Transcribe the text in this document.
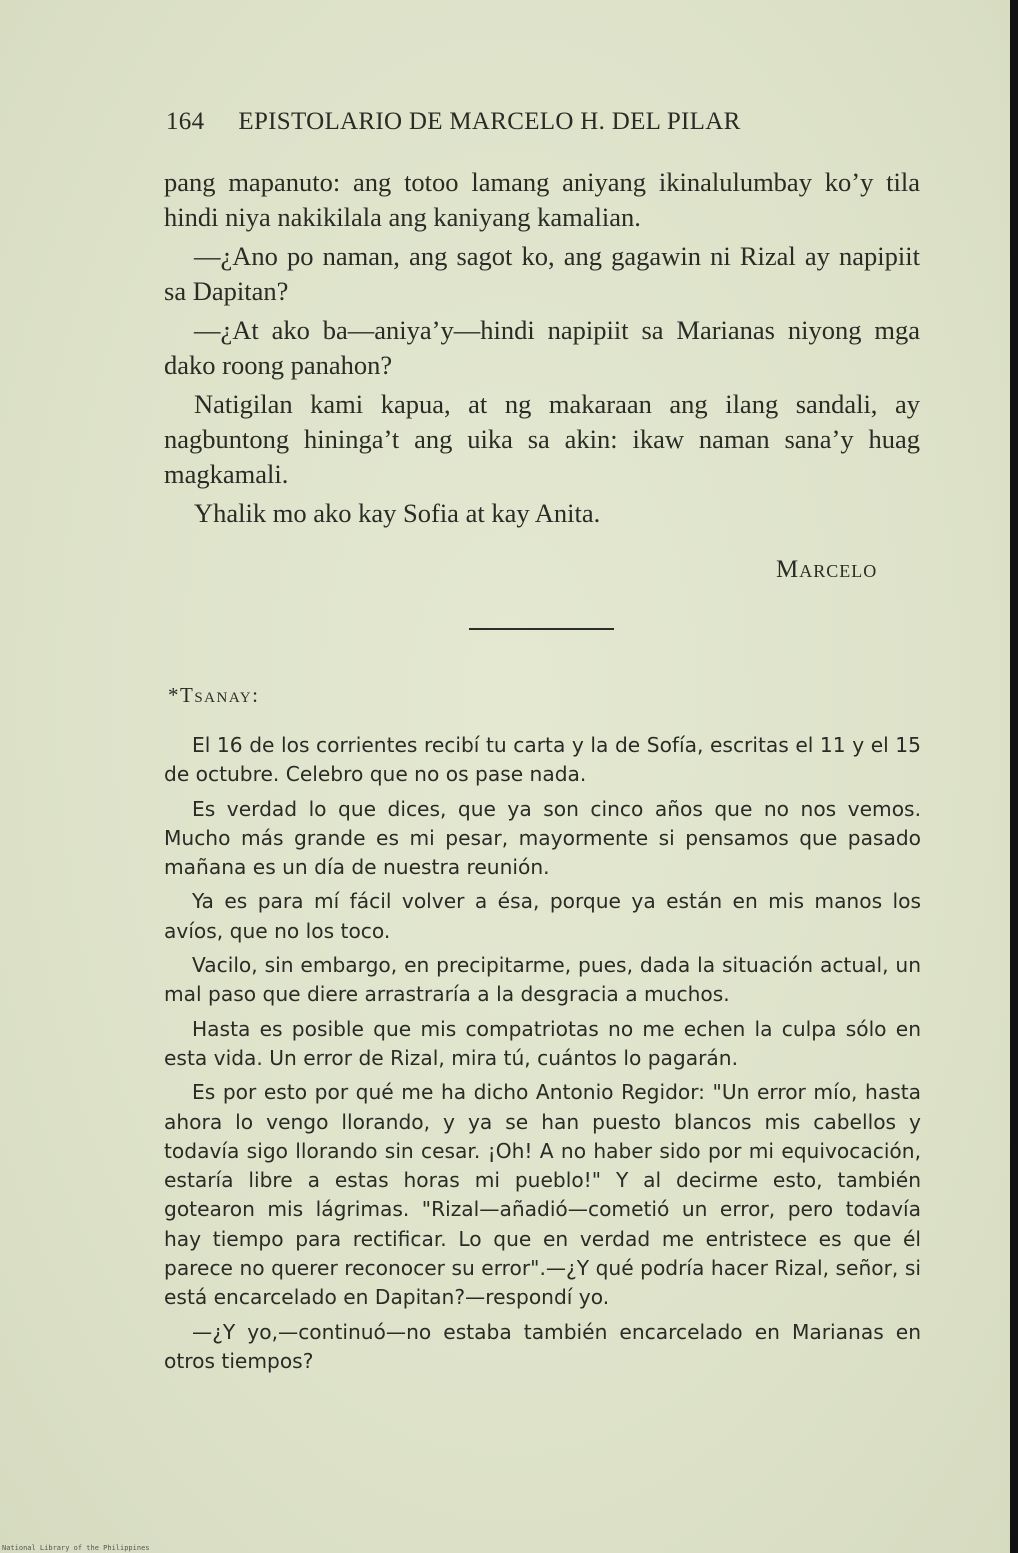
164 EPISTOLARIO DE MARCELO H. DEL PILAR

pang mapanuto: ang totoo lamang aniyang ikinalulumbay ko’y tila hindi niya nakikilala ang kaniyang kamalian.

—¿Ano po naman, ang sagot ko, ang gagawin ni Rizal ay napipiit sa Dapitan?

—¿At ako ba—aniya’y—hindi napipiit sa Marianas niyong mga dako roong panahon?

Natigilan kami kapua, at ng makaraan ang ilang sandali, ay nagbuntong hininga’t ang uika sa akin: ikaw naman sana’y huag magkamali.

Yhalik mo ako kay Sofia at kay Anita.

Marcelo
*Tsanay:

El 16 de los corrientes recibí tu carta y la de Sofía, escritas el 11 y el 15 de octubre. Celebro que no os pase nada.

Es verdad lo que dices, que ya son cinco años que no nos vemos. Mucho más grande es mi pesar, mayormente si pensamos que pasado mañana es un día de nuestra reunión.

Ya es para mí fácil volver a ésa, porque ya están en mis manos los avíos, que no los toco.

Vacilo, sin embargo, en precipitarme, pues, dada la situación actual, un mal paso que diere arrastraría a la desgracia a muchos.

Hasta es posible que mis compatriotas no me echen la culpa sólo en esta vida. Un error de Rizal, mira tú, cuántos lo pagarán.

Es por esto por qué me ha dicho Antonio Regidor: "Un error mío, hasta ahora lo vengo llorando, y ya se han puesto blancos mis cabellos y todavía sigo llorando sin cesar. ¡Oh! A no haber sido por mi equivocación, estaría libre a estas horas mi pueblo!" Y al decirme esto, también gotearon mis lágrimas. "Rizal—añadió—cometió un error, pero todavía hay tiempo para rectificar. Lo que en verdad me entristece es que él parece no querer reconocer su error".—¿Y qué podría hacer Rizal, señor, si está encarcelado en Dapitan?—respondí yo.

—¿Y yo,—continuó—no estaba también encarcelado en Marianas en otros tiempos?

National Library of the Philippines
